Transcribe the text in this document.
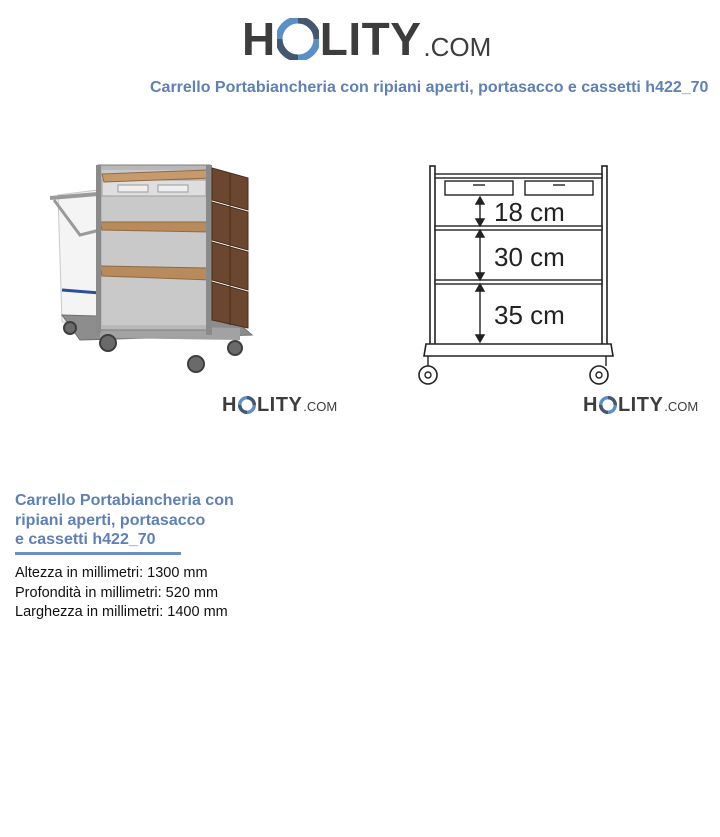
H LITY .COM
Carrello Portabiancheria con ripiani aperti, portasacco e cassetti h422_70
H LITY .COM
18 cm
30 cm
35 cm
H LITY .COM
Carrello Portabiancheria con
ripiani aperti, portasacco
e cassetti h422_70
Altezza in millimetri: 1300 mm
Profondità in millimetri: 520 mm
Larghezza in millimetri: 1400 mm
